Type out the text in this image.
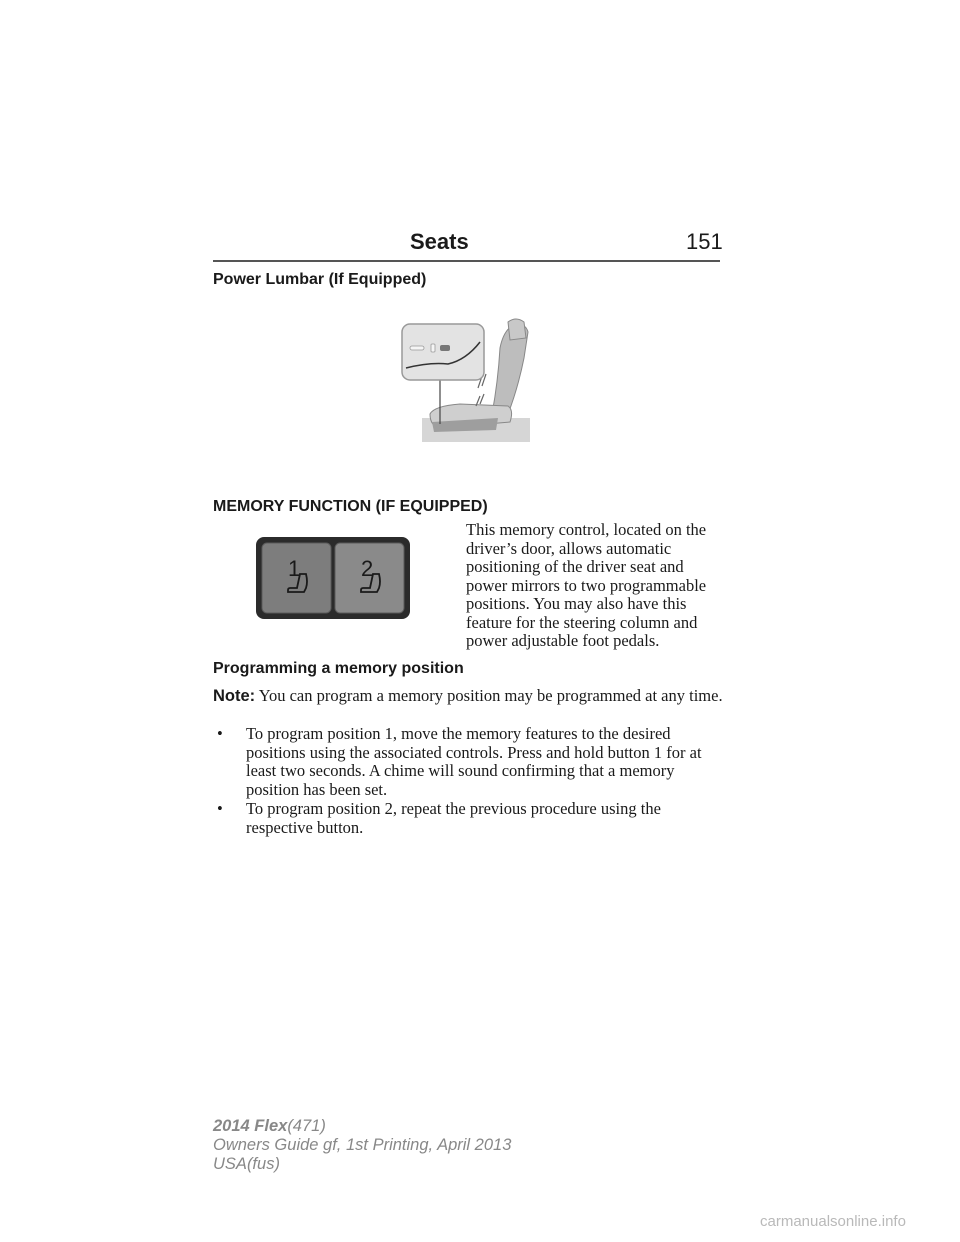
Seats	151
Power Lumbar (If Equipped)
MEMORY FUNCTION (IF EQUIPPED)
1	2
This memory control, located on the
driver’s door, allows automatic
positioning of the driver seat and
power mirrors to two programmable
positions. You may also have this
feature for the steering column and
power adjustable foot pedals.
Programming a memory position
Note: You can program a memory position may be programmed at any time.
• To program position 1, move the memory features to the desired positions using the associated controls. Press and hold button 1 for at least two seconds. A chime will sound confirming that a memory position has been set.
• To program position 2, repeat the previous procedure using the respective button.
2014 Flex(471)
Owners Guide gf, 1st Printing, April 2013
USA(fus)
carmanualsonline.info
